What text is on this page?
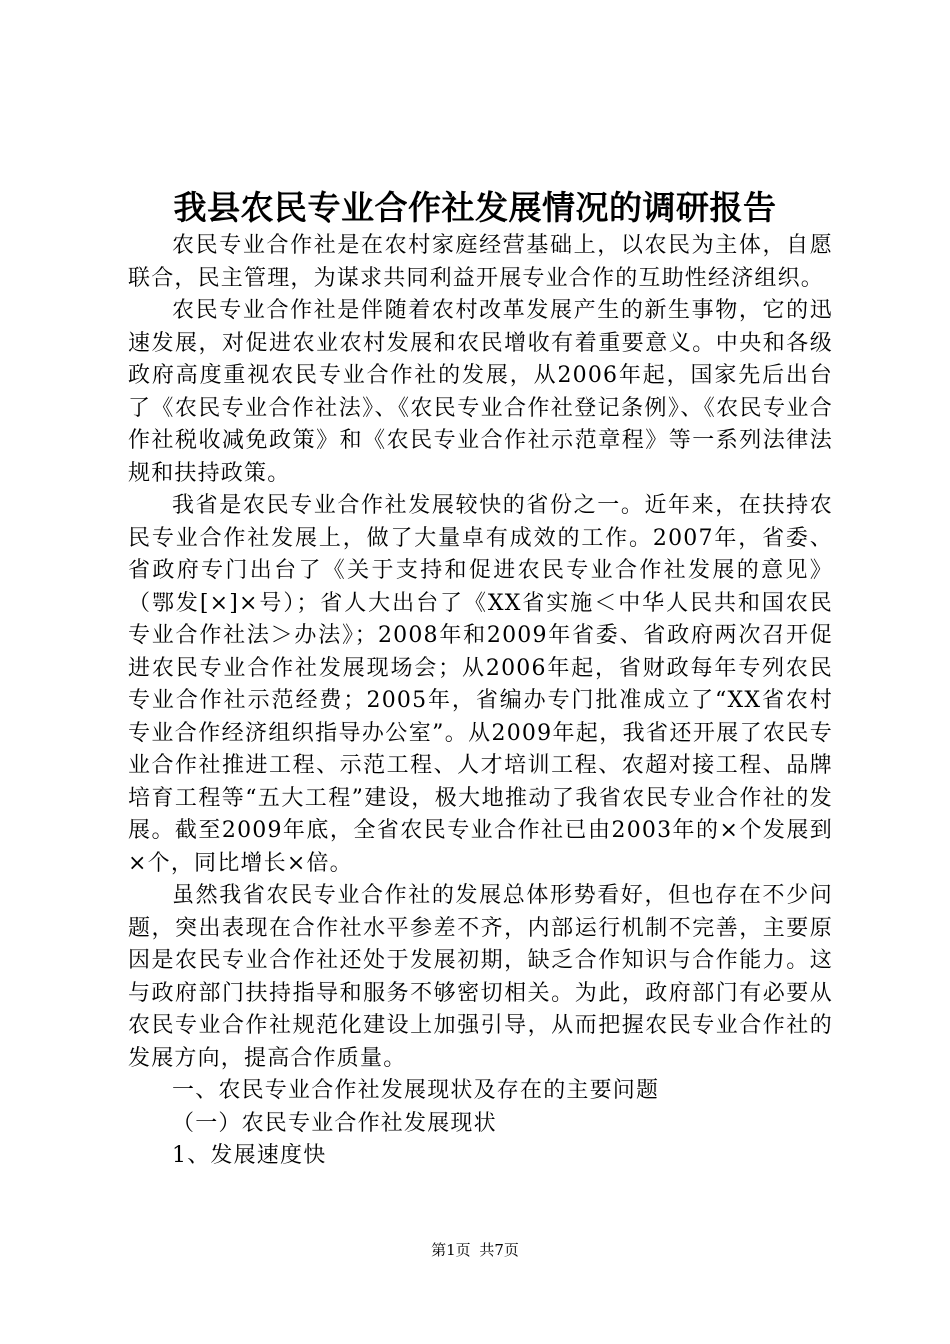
我县农民专业合作社发展情况的调研报告

农民专业合作社是在农村家庭经营基础上，以农民为主体，自愿联合，民主管理，为谋求共同利益开展专业合作的互助性经济组织。

农民专业合作社是伴随着农村改革发展产生的新生事物，它的迅速发展，对促进农业农村发展和农民增收有着重要意义。中央和各级政府高度重视农民专业合作社的发展，从2006年起，国家先后出台了《农民专业合作社法》、《农民专业合作社登记条例》、《农民专业合作社税收减免政策》和《农民专业合作社示范章程》等一系列法律法规和扶持政策。

我省是农民专业合作社发展较快的省份之一。近年来，在扶持农民专业合作社发展上，做了大量卓有成效的工作。2007年，省委、省政府专门出台了《关于支持和促进农民专业合作社发展的意见》（鄂发[×]×号）；省人大出台了《XX省实施＜中华人民共和国农民专业合作社法＞办法》；2008年和2009年省委、省政府两次召开促进农民专业合作社发展现场会；从2006年起，省财政每年专列农民专业合作社示范经费；2005年，省编办专门批准成立了“XX省农村专业合作经济组织指导办公室”。从2009年起，我省还开展了农民专业合作社推进工程、示范工程、人才培训工程、农超对接工程、品牌培育工程等“五大工程”建设，极大地推动了我省农民专业合作社的发展。截至2009年底，全省农民专业合作社已由2003年的×个发展到×个，同比增长×倍。

虽然我省农民专业合作社的发展总体形势看好，但也存在不少问题，突出表现在合作社水平参差不齐，内部运行机制不完善，主要原因是农民专业合作社还处于发展初期，缺乏合作知识与合作能力。这与政府部门扶持指导和服务不够密切相关。为此，政府部门有必要从农民专业合作社规范化建设上加强引导，从而把握农民专业合作社的发展方向，提高合作质量。

一、农民专业合作社发展现状及存在的主要问题

（一）农民专业合作社发展现状

1、发展速度快

第1页 共7页
